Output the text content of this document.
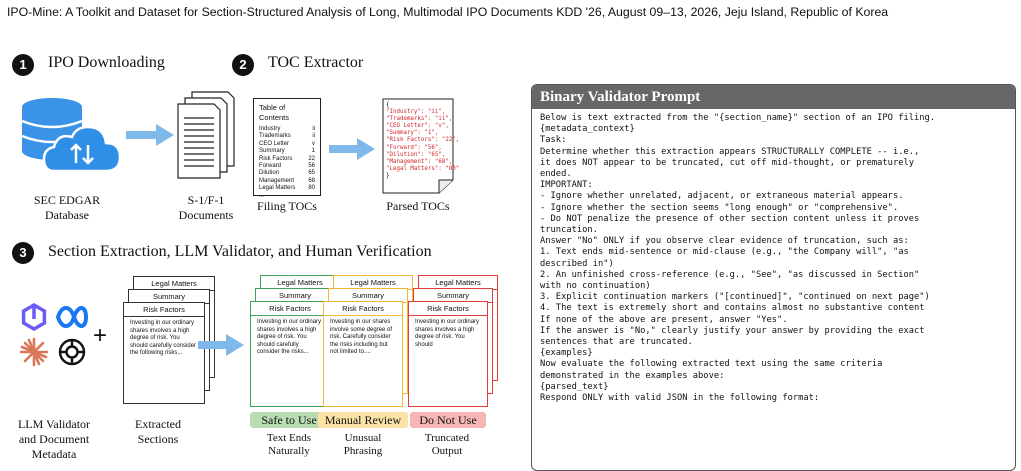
IPO-Mine: A Toolkit and Dataset for Section-Structured Analysis of Long, Multimodal IPO Documents KDD '26, August 09–13, 2026, Jeju Island, Republic of Korea
1	IPO Downloading
SEC EDGAR
Database
S-1/F-1
Documents
2	TOC Extractor
Table of Contents
Industry	ii
Trademarks	ii
CEO Letter	v
Summary	1
Risk Factors	22
Forward	56
Dilution	65
Management 68
Legal Matters 80
...
Filing TOCs
{
"Industry": "ii",
"Trademarks": "ii",
"CEO Letter": "v",
"Summary": "1",
"Risk Factors": "22",
"Forward": "56",
"Dilution": "65",
"Management": "68",
"Legal Matters": "80"
}
Parsed TOCs
3	Section Extraction, LLM Validator, and Human Verification
+
Legal Matters
Summary
Risk Factors
Investing in our ordinary shares involves a high degree of risk. You should carefully consider the following risks...
Legal Matters
Summary
Risk Factors
Investing in our ordinary shares involves a high degree of risk. You should carefully consider the risks...
Legal Matters
Summary
Risk Factors
Investing in our shares involve some degree of risk. Carefully consider the risks including but not limited to....
Legal Matters
Summary
Risk Factors
Investing in our ordinary shares involves a high degree of risk. You should
Safe to Use Manual Review	Do Not Use
Text Ends
Naturally
Unusual
Phrasing
Truncated
Output
LLM Validator
and Document
Metadata
Extracted
Sections
Binary Validator Prompt
Below is text extracted from the "{section_name}" section of an IPO filing.
{metadata_context}
Task:
Determine whether this extraction appears STRUCTURALLY COMPLETE -- i.e.,
it does NOT appear to be truncated, cut off mid-thought, or prematurely
ended.
IMPORTANT:
- Ignore whether unrelated, adjacent, or extraneous material appears.
- Ignore whether the section seems "long enough" or "comprehensive".
- Do NOT penalize the presence of other section content unless it proves
truncation.
Answer "No" ONLY if you observe clear evidence of truncation, such as:
1. Text ends mid-sentence or mid-clause (e.g., "the Company will", "as
described in")
2. An unfinished cross-reference (e.g., "See", "as discussed in Section"
with no continuation)
3. Explicit continuation markers ("[continued]", "continued on next page")
4. The text is extremely short and contains almost no substantive content
If none of the above are present, answer "Yes".
If the answer is "No," clearly justify your answer by providing the exact
sentences that are truncated.
{examples}
Now evaluate the following extracted text using the same criteria
demonstrated in the examples above:
{parsed_text}
Respond ONLY with valid JSON in the following format:
